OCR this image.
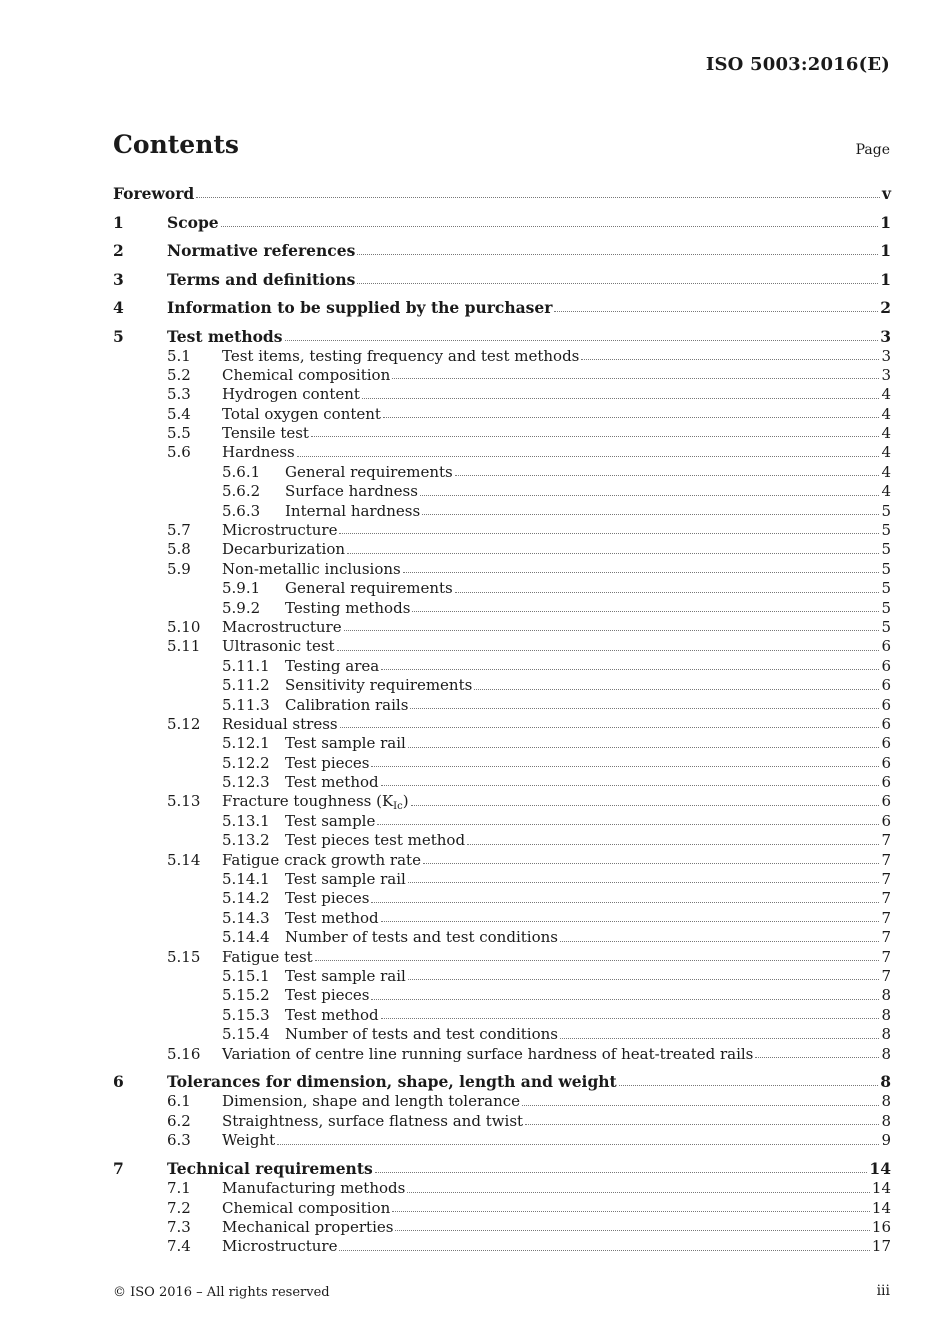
ISO 5003:2016(E)
Contents	Page
Foreword	v
1	Scope	1
2	Normative references	1
3	Terms and definitions	1
4	Information to be supplied by the purchaser	2
5	Test methods	3
5.1	Test items, testing frequency and test methods	3
5.2	Chemical composition	3
5.3	Hydrogen content	4
5.4	Total oxygen content	4
5.5	Tensile test	4
5.6	Hardness	4
5.6.1	General requirements	4
5.6.2	Surface hardness	4
5.6.3	Internal hardness	5
5.7	Microstructure	5
5.8	Decarburization	5
5.9	Non-metallic inclusions	5
5.9.1	General requirements	5
5.9.2	Testing methods	5
5.10	Macrostructure	5
5.11	Ultrasonic test	6
5.11.1	Testing area	6
5.11.2	Sensitivity requirements	6
5.11.3	Calibration rails	6
5.12	Residual stress	6
5.12.1	Test sample rail	6
5.12.2	Test pieces	6
5.12.3	Test method	6
5.13	Fracture toughness $(K_{Ic})$	6
5.13.1	Test sample	6
5.13.2	Test pieces test method	7
5.14	Fatigue crack growth rate	7
5.14.1	Test sample rail	7
5.14.2	Test pieces	7
5.14.3	Test method	7
5.14.4	Number of tests and test conditions	7
5.15	Fatigue test	7
5.15.1	Test sample rail	7
5.15.2	Test pieces	8
5.15.3	Test method	8
5.15.4	Number of tests and test conditions	8
5.16	Variation of centre line running surface hardness of heat-treated rails	8
6	Tolerances for dimension, shape, length and weight	8
6.1	Dimension, shape and length tolerance	8
6.2	Straightness, surface flatness and twist	8
6.3	Weight	9
7	Technical requirements	14
7.1	Manufacturing methods	14
7.2	Chemical composition	14
7.3	Mechanical properties	16
7.4	Microstructure	17
© ISO 2016 – All rights reserved	iii
